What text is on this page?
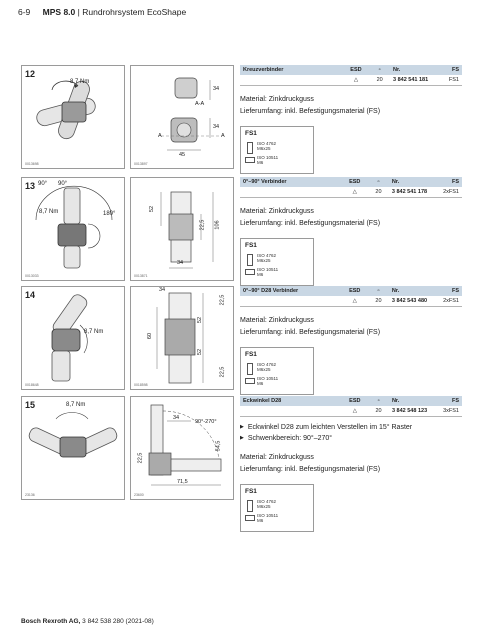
6-9 MPS 8.0 | Rundrohrsystem EcoShape
12
8,7 Nm
0013698
34
A-A
A	A
34
45
0013897
Kreuzverbinder	ESD	▫	Nr.	FS
	△	20	3 842 541 181	FS1
Material: Zinkdruckguss
Lieferumfang: inkl. Befestigungsmaterial (FS)
FS1
ISO 4762
M6x25
ISO 10511
M6
13 90° 90°
8,7 Nm	180°
0013033
52
22,5 106
34
0013871
0°–90° Verbinder	ESD	▫	Nr.	FS
	△	20	3 842 541 178	2xFS1
Material: Zinkdruckguss
Lieferumfang: inkl. Befestigungsmaterial (FS)
FS1
ISO 4762
M6x25
ISO 10511
M6
14
8,7 Nm
0018648
34
22,5
52
60
52
22,5
0018598
0°–90° D28 Verbinder	ESD	▫	Nr.	FS
	△	20	3 842 543 480	2xFS1
Material: Zinkdruckguss
Lieferumfang: inkl. Befestigungsmaterial (FS)
FS1
ISO 4762
M6x25
ISO 10511
M6
15	8,7 Nm
23136
34
90°-270°
22,5
54,5
71,5
23600
Eckwinkel D28	ESD	▫	Nr.	FS
	△	20	3 842 548 123	3xFS1
▶ Eckwinkel D28 zum leichten Verstellen im 15° Raster
▶ Schwenkbereich: 90°–270°
Material: Zinkdruckguss
Lieferumfang: inkl. Befestigungsmaterial (FS)
FS1
ISO 4762
M6x25
ISO 10511
M6
Bosch Rexroth AG, 3 842 538 280 (2021-08)
